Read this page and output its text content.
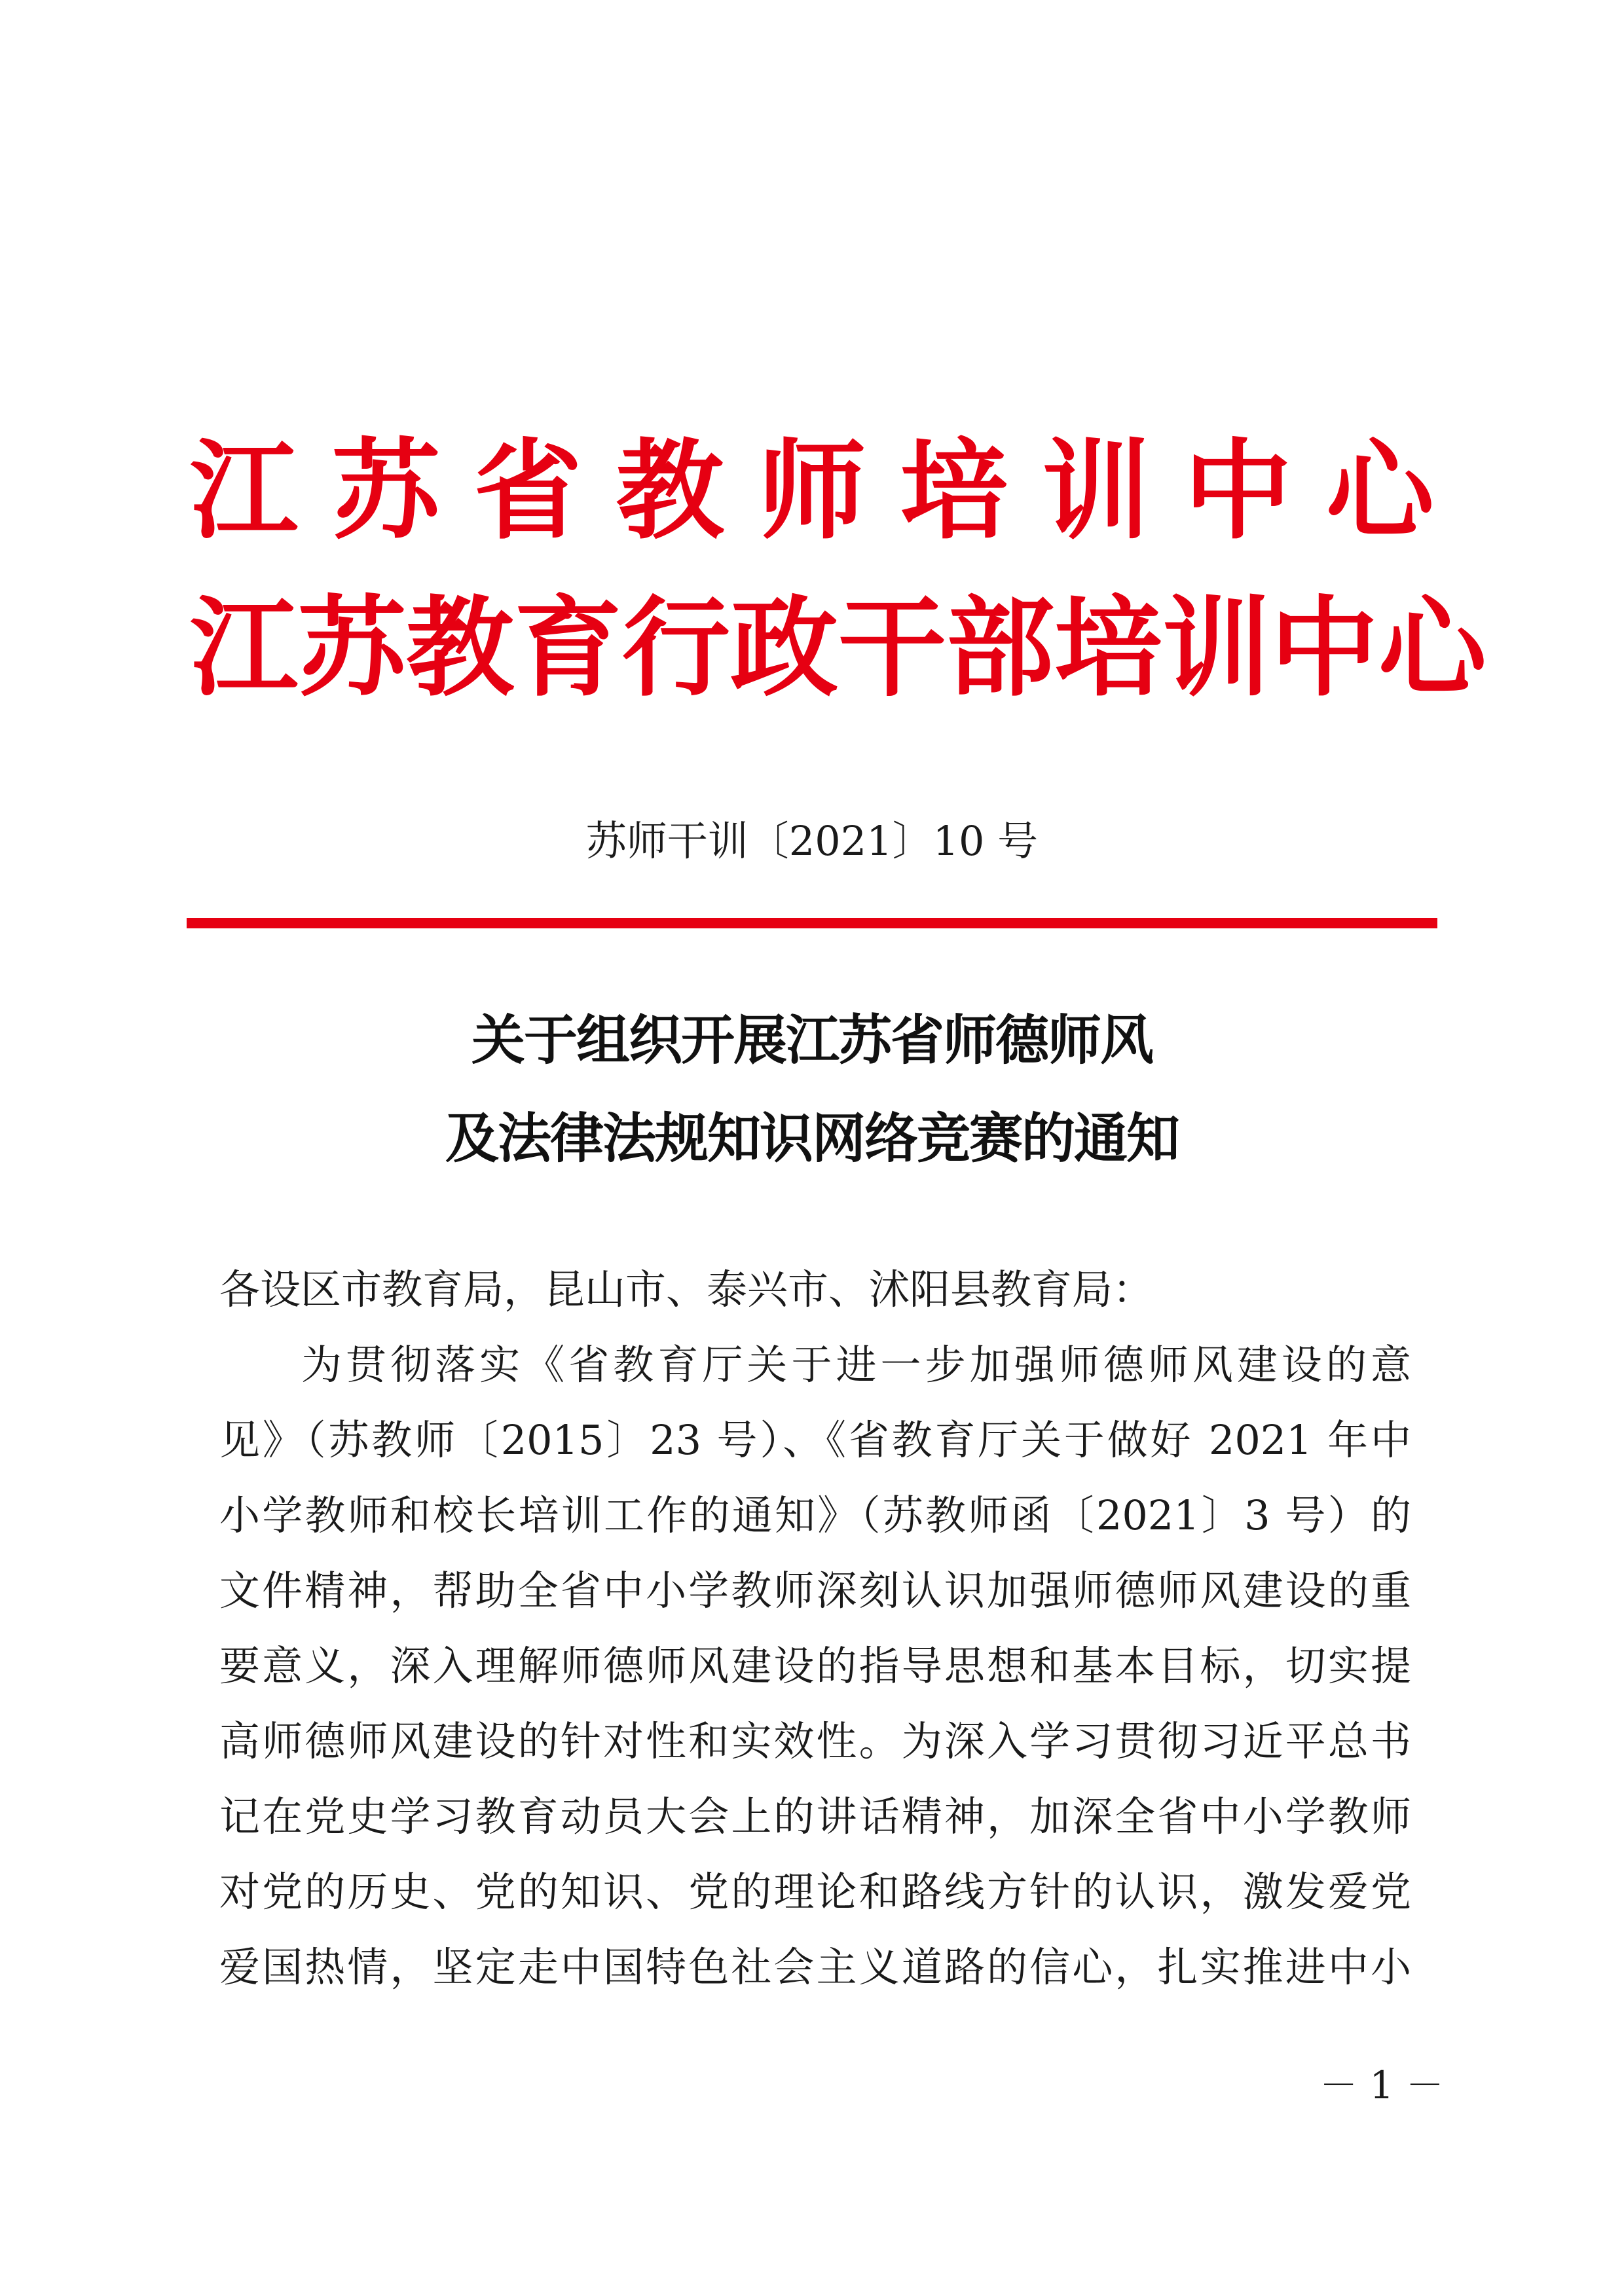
江 苏 省 教 师 培 训 中 心
江 苏 教 育 行 政 干 部 培 训 中 心
苏师干训〔2021〕10 号
关于组织开展江苏省师德师风
及法律法规知识网络竞赛的通知
各设区市教育局，昆山市、泰兴市、沭阳县教育局：
为贯彻落实《省教育厅关于进一步加强师德师风建设的意
见》（苏教师〔2015〕23 号）、《省教育厅关于做好 2021 年中
小学教师和校长培训工作的通知》（苏教师函〔2021〕3 号）的
文件精神，帮助全省中小学教师深刻认识加强师德师风建设的重
要意义，深入理解师德师风建设的指导思想和基本目标，切实提
高师德师风建设的针对性和实效性。为深入学习贯彻习近平总书
记在党史学习教育动员大会上的讲话精神，加深全省中小学教师
对党的历史、党的知识、党的理论和路线方针的认识，激发爱党
爱国热情，坚定走中国特色社会主义道路的信心，扎实推进中小
－ 1 －
